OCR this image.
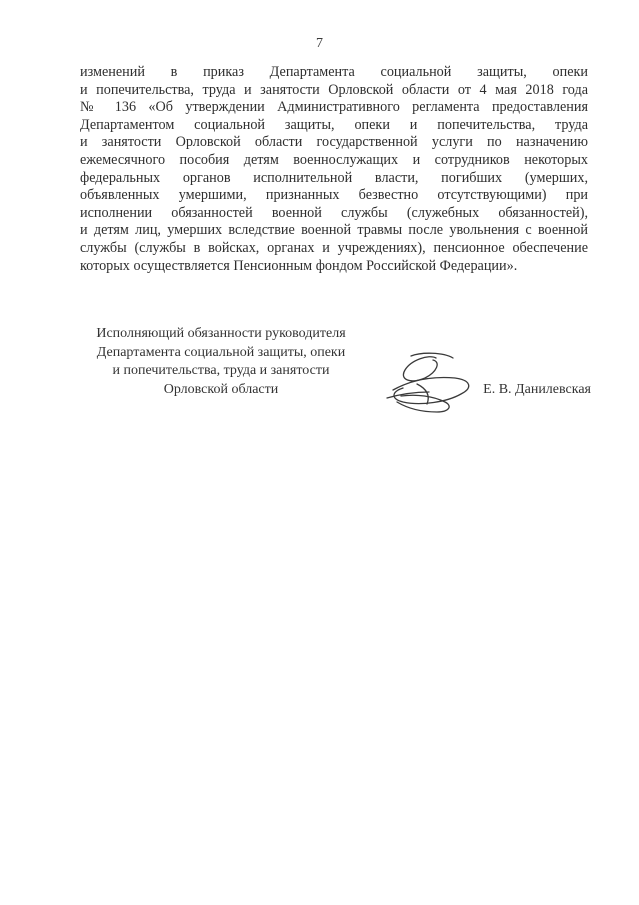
7
изменений в приказ Департамента социальной защиты, опеки
и попечительства, труда и занятости Орловской области от 4 мая 2018 года
№ 136 «Об утверждении Административного регламента предоставления
Департаментом социальной защиты, опеки и попечительства, труда
и занятости Орловской области государственной услуги по назначению
ежемесячного пособия детям военнослужащих и сотрудников некоторых
федеральных органов исполнительной власти, погибших (умерших,
объявленных умершими, признанных безвестно отсутствующими) при
исполнении обязанностей военной службы (служебных обязанностей),
и детям лиц, умерших вследствие военной травмы после увольнения с военной
службы (службы в войсках, органах и учреждениях), пенсионное обеспечение
которых осуществляется Пенсионным фондом Российской Федерации».
Исполняющий обязанности руководителя
Департамента социальной защиты, опеки
и попечительства, труда и занятости
Орловской области	Е. В. Данилевская
